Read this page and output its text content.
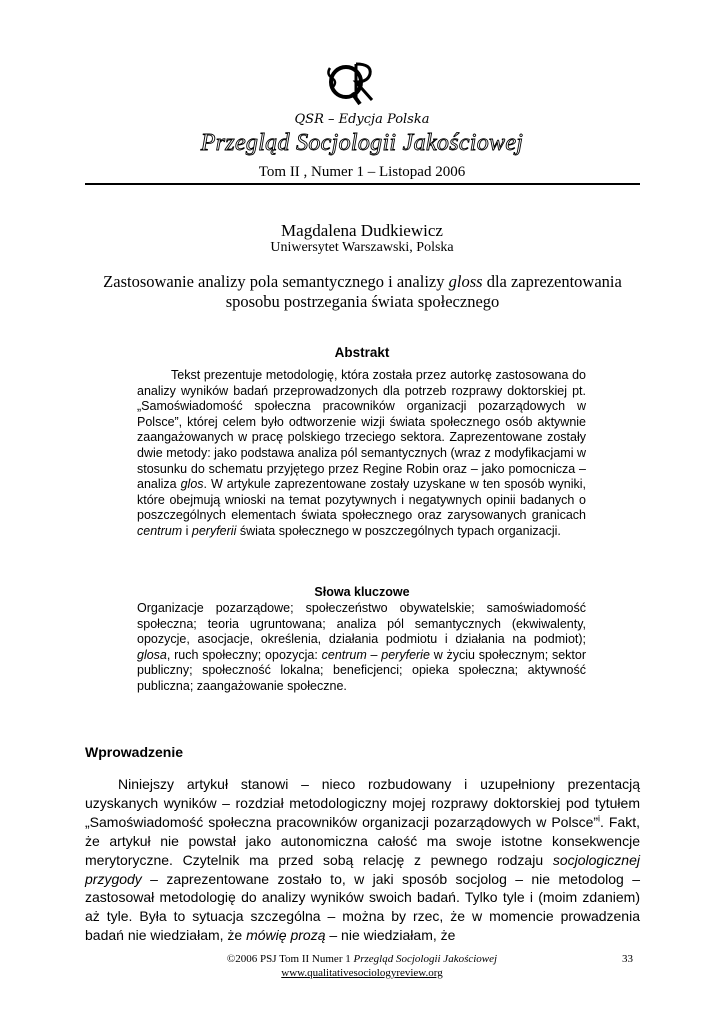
QSR – Edycja Polska
Przegląd Socjologii Jakościowej
Tom II , Numer 1 – Listopad 2006
Magdalena Dudkiewicz
Uniwersytet Warszawski, Polska
Zastosowanie analizy pola semantycznego i analizy gloss dla zaprezentowania sposobu postrzegania świata społecznego
Abstrakt
Tekst prezentuje metodologię, która została przez autorkę zastosowana do analizy wyników badań przeprowadzonych dla potrzeb rozprawy doktorskiej pt. „Samoświadomość społeczna pracowników organizacji pozarządowych w Polsce”, której celem było odtworzenie wizji świata społecznego osób aktywnie zaangażowanych w pracę polskiego trzeciego sektora. Zaprezentowane zostały dwie metody: jako podstawa analiza pól semantycznych (wraz z modyfikacjami w stosunku do schematu przyjętego przez Regine Robin oraz – jako pomocnicza – analiza glos. W artykule zaprezentowane zostały uzyskane w ten sposób wyniki, które obejmują wnioski na temat pozytywnych i negatywnych opinii badanych o poszczególnych elementach świata społecznego oraz zarysowanych granicach centrum i peryferii świata społecznego w poszczególnych typach organizacji.
Słowa kluczowe
Organizacje pozarządowe; społeczeństwo obywatelskie; samoświadomość społeczna; teoria ugruntowana; analiza pól semantycznych (ekwiwalenty, opozycje, asocjacje, określenia, działania podmiotu i działania na podmiot); glosa, ruch społeczny; opozycja: centrum – peryferie w życiu społecznym; sektor publiczny; społeczność lokalna; beneficjenci; opieka społeczna; aktywność publiczna; zaangażowanie społeczne.
Wprowadzenie
Niniejszy artykuł stanowi – nieco rozbudowany i uzupełniony prezentacją uzyskanych wyników – rozdział metodologiczny mojej rozprawy doktorskiej pod tytułem „Samoświadomość społeczna pracowników organizacji pozarządowych w Polsce”$^i$. Fakt, że artykuł nie powstał jako autonomiczna całość ma swoje istotne konsekwencje merytoryczne. Czytelnik ma przed sobą relację z pewnego rodzaju socjologicznej przygody – zaprezentowane zostało to, w jaki sposób socjolog – nie metodolog – zastosował metodologię do analizy wyników swoich badań. Tylko tyle i (moim zdaniem) aż tyle. Była to sytuacja szczególna – można by rzec, że w momencie prowadzenia badań nie wiedziałam, że mówię prozą – nie wiedziałam, że
©2006 PSJ Tom II Numer 1 Przegląd Socjologii Jakościowej
www.qualitativesociologyreview.org
33
